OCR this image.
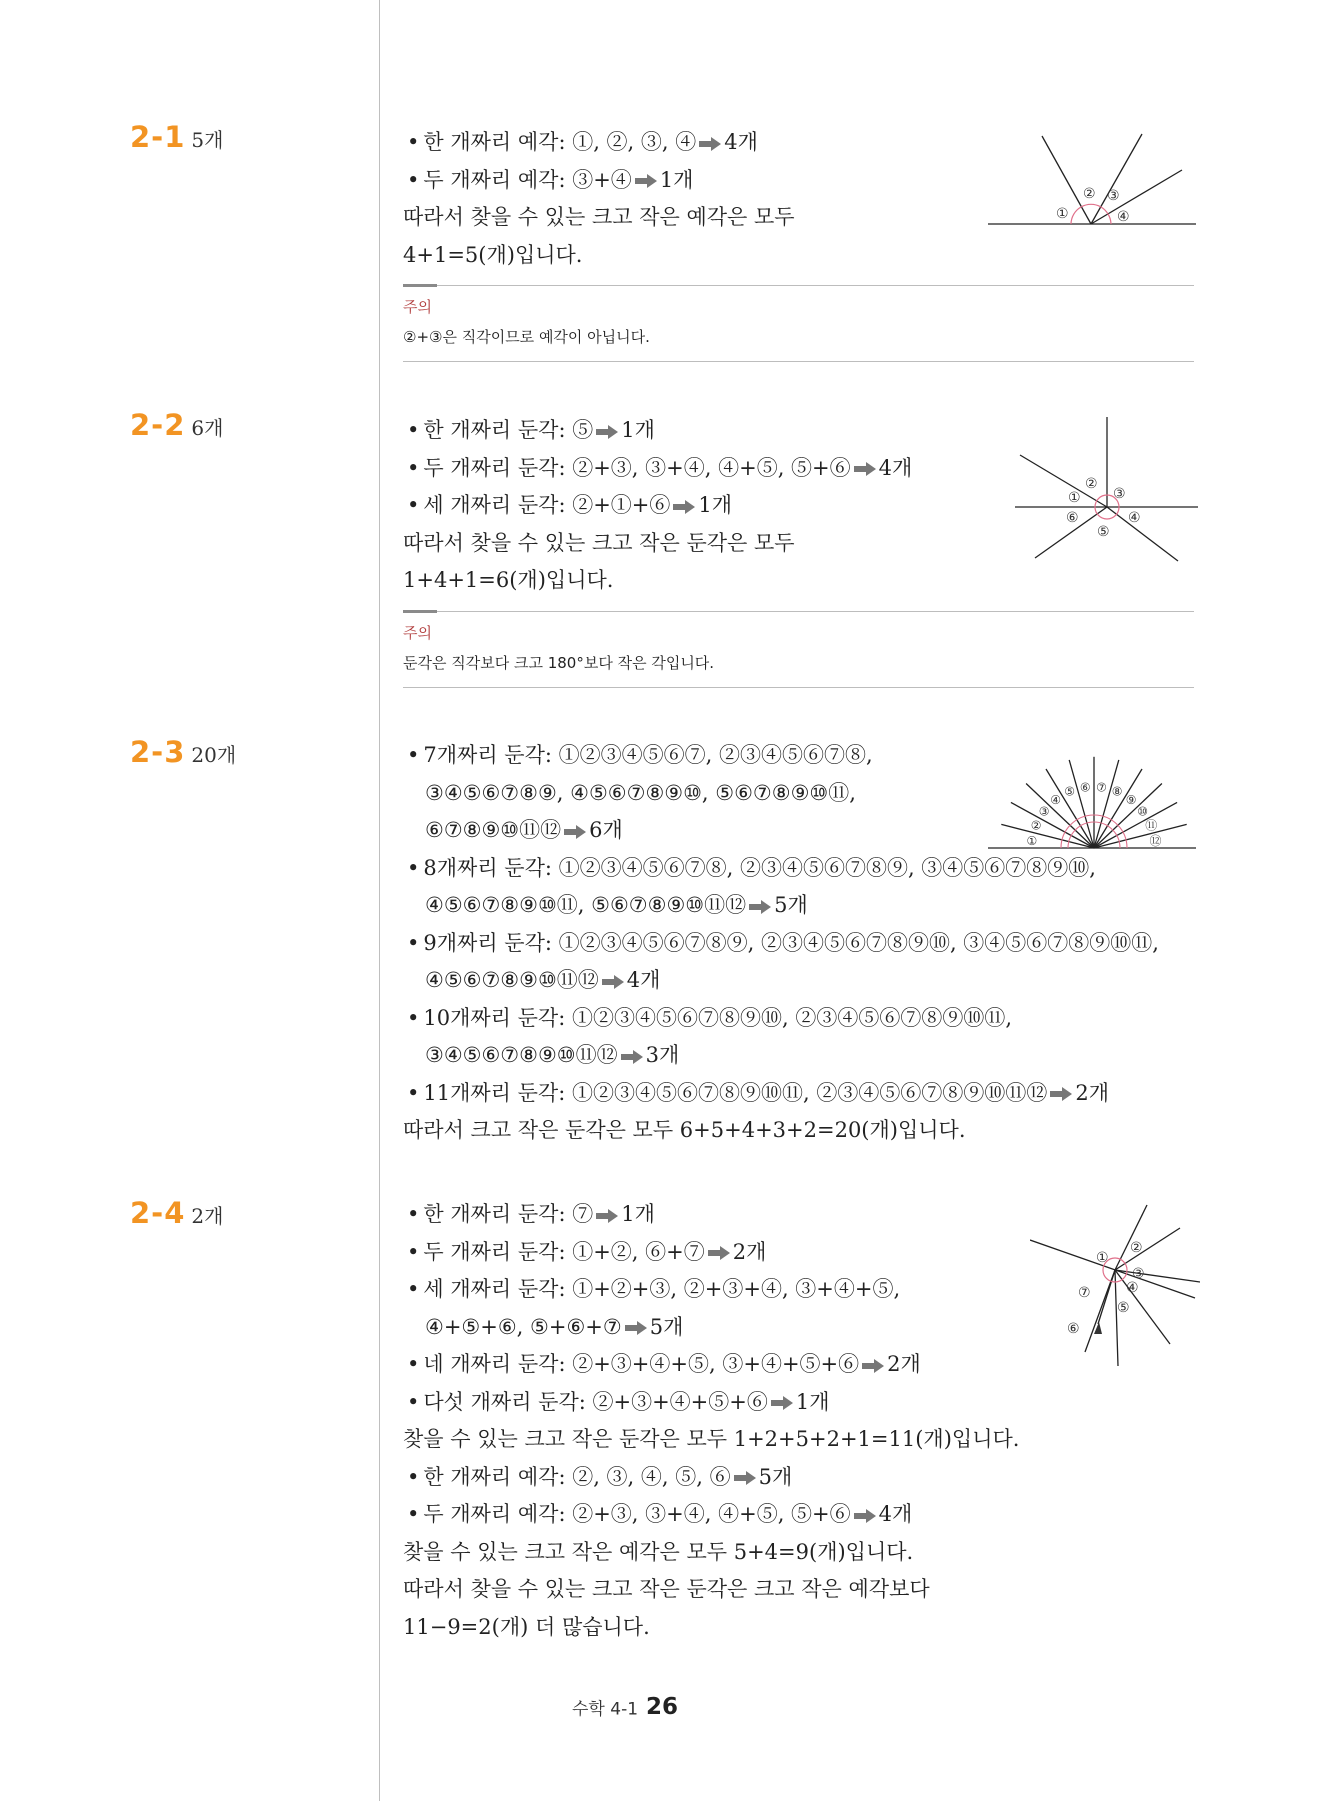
2-1 5개	• 한 개짜리 예각: ①, ②, ③, ④ 4개
• 두 개짜리 예각: ③+④ 1개
따라서 찾을 수 있는 크고 작은 예각은 모두
4+1=5(개)입니다.
①
② ③
④
주의
②+③은 직각이므로 예각이 아닙니다.
2-2 6개	• 한 개짜리 둔각: ⑤ 1개
• 두 개짜리 둔각: ②+③, ③+④, ④+⑤, ⑤+⑥ 4개
• 세 개짜리 둔각: ②+①+⑥ 1개
따라서 찾을 수 있는 크고 작은 둔각은 모두
1+4+1=6(개)입니다.
①
②
③
④
⑤
⑥
주의
둔각은 직각보다 크고 180°보다 작은 각입니다.
2-3 20개	• 7개짜리 둔각: ①②③④⑤⑥⑦, ②③④⑤⑥⑦⑧,
③④⑤⑥⑦⑧⑨, ④⑤⑥⑦⑧⑨⑩, ⑤⑥⑦⑧⑨⑩⑪,
⑥⑦⑧⑨⑩⑪⑫ 6개
• 8개짜리 둔각: ①②③④⑤⑥⑦⑧, ②③④⑤⑥⑦⑧⑨, ③④⑤⑥⑦⑧⑨⑩,
④⑤⑥⑦⑧⑨⑩⑪, ⑤⑥⑦⑧⑨⑩⑪⑫ 5개
• 9개짜리 둔각: ①②③④⑤⑥⑦⑧⑨, ②③④⑤⑥⑦⑧⑨⑩, ③④⑤⑥⑦⑧⑨⑩⑪,
④⑤⑥⑦⑧⑨⑩⑪⑫ 4개
• 10개짜리 둔각: ①②③④⑤⑥⑦⑧⑨⑩, ②③④⑤⑥⑦⑧⑨⑩⑪,
③④⑤⑥⑦⑧⑨⑩⑪⑫ 3개
• 11개짜리 둔각: ①②③④⑤⑥⑦⑧⑨⑩⑪, ②③④⑤⑥⑦⑧⑨⑩⑪⑫ 2개
따라서 크고 작은 둔각은 모두 6+5+4+3+2=20(개)입니다.
①
②
③
④
⑤ ⑥ ⑦ ⑧
⑨
⑩
⑪
⑫
2-4 2개	• 한 개짜리 둔각: ⑦ 1개
• 두 개짜리 둔각: ①+②, ⑥+⑦ 2개
• 세 개짜리 둔각: ①+②+③, ②+③+④, ③+④+⑤,
④+⑤+⑥, ⑤+⑥+⑦ 5개
• 네 개짜리 둔각: ②+③+④+⑤, ③+④+⑤+⑥ 2개
• 다섯 개짜리 둔각: ②+③+④+⑤+⑥ 1개
찾을 수 있는 크고 작은 둔각은 모두 1+2+5+2+1=11(개)입니다.
• 한 개짜리 예각: ②, ③, ④, ⑤, ⑥ 5개
• 두 개짜리 예각: ②+③, ③+④, ④+⑤, ⑤+⑥ 4개
찾을 수 있는 크고 작은 예각은 모두 5+4=9(개)입니다.
따라서 찾을 수 있는 크고 작은 둔각은 크고 작은 예각보다
11−9=2(개) 더 많습니다.
①
②
③
④
⑤
⑥
⑦
수학 4-1 26
